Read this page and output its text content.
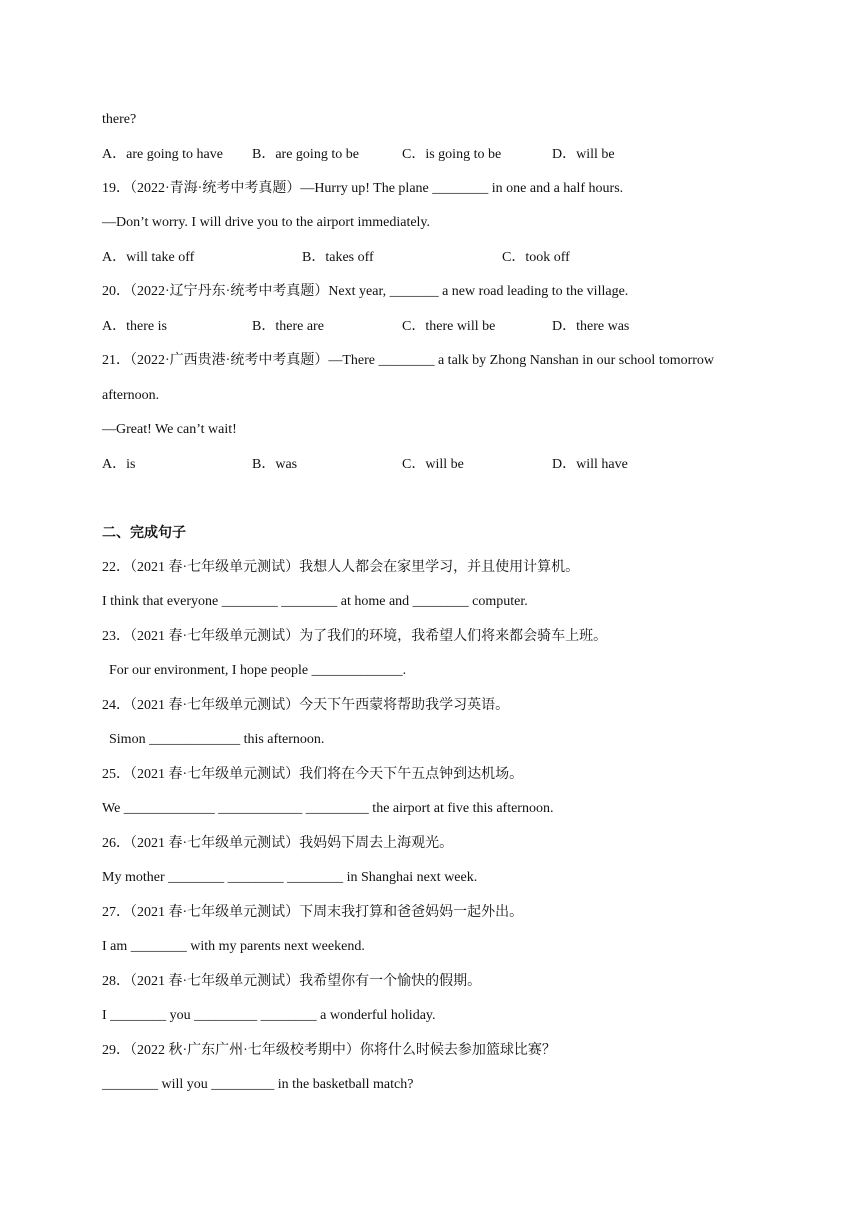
there?
A．are going to have B．are going to be	C．is going to be	D．will be
19．（2022·青海·统考中考真题）—Hurry up! The plane ________ in one and a half hours.
—Don’t worry. I will drive you to the airport immediately.
A．will take off	B．takes off	C．took off
20．（2022·辽宁丹东·统考中考真题）Next year, _______ a new road leading to the village.
A．there is	B．there are	C．there will be	D．there was
21．（2022·广西贵港·统考中考真题）—There ________ a talk by Zhong Nanshan in our school tomorrow
afternoon.
—Great! We can’t wait!
A．is	B．was	C．will be	D．will have
二、完成句子
22．（2021 春·七年级单元测试）我想人人都会在家里学习，并且使用计算机。
I think that everyone ________ ________ at home and ________ computer.
23．（2021 春·七年级单元测试）为了我们的环境，我希望人们将来都会骑车上班。
For our environment, I hope people _____________.
24．（2021 春·七年级单元测试）今天下午西蒙将帮助我学习英语。
Simon _____________ this afternoon.
25．（2021 春·七年级单元测试）我们将在今天下午五点钟到达机场。
We _____________ ____________ _________ the airport at five this afternoon.
26．（2021 春·七年级单元测试）我妈妈下周去上海观光。
My mother ________ ________ ________ in Shanghai next week.
27．（2021 春·七年级单元测试）下周末我打算和爸爸妈妈一起外出。
I am ________ with my parents next weekend.
28．（2021 春·七年级单元测试）我希望你有一个愉快的假期。
I ________ you _________ ________ a wonderful holiday.
29．（2022 秋·广东广州·七年级校考期中）你将什么时候去参加篮球比赛？
________ will you _________ in the basketball match?
